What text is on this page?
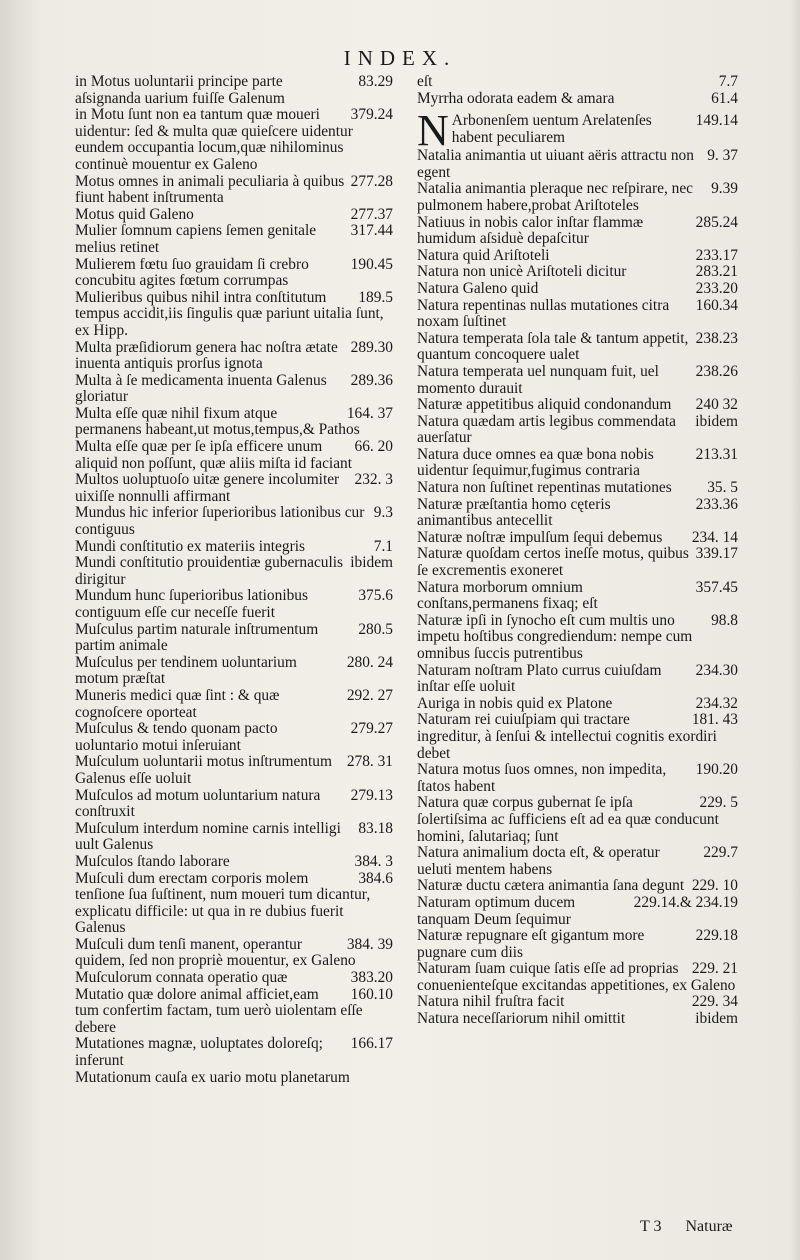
INDEX.
83.29
in Motus uoluntarii principe parte aſsignanda uarium fuiſſe Galenum
379.24
in Motu ſunt non ea tantum quæ moueri uidentur: ſed & multa quæ quieſcere uidentur eundem occupantia locum,quæ nihilominus continuè mouentur ex Galeno
277.28
Motus omnes in animali peculiaria à quibus fiunt habent inſtrumenta
277.37
Motus quid Galeno
317.44
Mulier ſomnum capiens ſemen genitale melius retinet
190.45
Mulierem fœtu ſuo grauidam ſi crebro concubitu agites fœtum corrumpas
189.5
Mulieribus quibus nihil intra conſtitutum tempus accidit,iis ſingulis quæ pariunt uitalia ſunt, ex Hipp.
289.30
Multa præſidiorum genera hac noſtra ætate inuenta antiquis prorſus ignota
289.36
Multa à ſe medicamenta inuenta Galenus gloriatur
164. 37
Multa eſſe quæ nihil fixum atque permanens habeant,ut motus,tempus,& Pathos
66. 20
Multa eſſe quæ per ſe ipſa efficere unum aliquid non poſſunt, quæ aliis miſta id faciant
232. 3
Multos uoluptuoſo uitæ genere incolumiter uixiſſe nonnulli affirmant
9.3
Mundus hic inferior ſuperioribus lationibus cur contiguus
7.1
Mundi conſtitutio ex materiis integris
ibidem
Mundi conſtitutio prouidentiæ gubernaculis dirigitur
375.6
Mundum hunc ſuperioribus lationibus contiguum eſſe cur neceſſe fuerit
280.5
Muſculus partim naturale inſtrumentum partim animale
280. 24
Muſculus per tendinem uoluntarium motum præſtat
292. 27
Muneris medici quæ ſint : & quæ cognoſcere oporteat
279.27
Muſculus & tendo quonam pacto uoluntario motui inſeruiant
278. 31
Muſculum uoluntarii motus inſtrumentum Galenus eſſe uoluit
279.13
Muſculos ad motum uoluntarium natura conſtruxit
83.18
Muſculum interdum nomine carnis intelligi uult Galenus
384. 3
Muſculos ſtando laborare
384.6
Muſculi dum erectam corporis molem tenſione ſua ſuſtinent, num moueri tum dicantur, explicatu difficile: ut qua in re dubius fuerit Galenus
384. 39
Muſculi dum tenſi manent, operantur quidem, ſed non propriè mouentur, ex Galeno
383.20
Muſculorum connata operatio quæ
160.10
Mutatio quæ dolore animal afficiet,eam tum confertim factam, tum uerò uiolentam eſſe debere
166.17
Mutationes magnæ, uoluptates doloreſq; inferunt
Mutationum cauſa ex uario motu planetarum
7.7
eſt
61.4
Myrrha odorata eadem & amara
N	149.14
Arbonenſem uentum Arelatenſes habent peculiarem
9. 37
Natalia animantia ut uiuant aëris attractu non egent
9.39
Natalia animantia pleraque nec reſpirare, nec pulmonem habere,probat Ariſtoteles
285.24
Natiuus in nobis calor inſtar flammæ humidum aſsiduè depaſcitur
233.17
Natura quid Ariſtoteli
283.21
Natura non unicè Ariſtoteli dicitur
233.20
Natura Galeno quid
160.34
Natura repentinas nullas mutationes citra noxam ſuſtinet
238.23
Natura temperata ſola tale & tantum appetit, quantum concoquere ualet
238.26
Natura temperata uel nunquam fuit, uel momento durauit
240 32
Naturæ appetitibus aliquid condonandum
ibidem
Natura quædam artis legibus commendata auerſatur
213.31
Natura duce omnes ea quæ bona nobis uidentur ſequimur,fugimus contraria
35. 5
Natura non ſuſtinet repentinas mutationes
233.36
Naturæ præſtantia homo cęteris animantibus antecellit
234. 14
Naturæ noſtræ impulſum ſequi debemus
339.17
Naturæ quoſdam certos ineſſe motus, quibus ſe excrementis exoneret
357.45
Natura morborum omnium conſtans,permanens fixaq; eſt
98.8
Naturæ ipſi in ſynocho eſt cum multis uno impetu hoſtibus congrediendum: nempe cum omnibus ſuccis putrentibus
234.30
Naturam noſtram Plato currus cuiuſdam inſtar eſſe uoluit
234.32
Auriga in nobis quid ex Platone
181. 43
Naturam rei cuiuſpiam qui tractare ingreditur, à ſenſui & intellectui cognitis exordiri debet
190.20
Natura motus ſuos omnes, non impedita, ſtatos habent
229. 5
Natura quæ corpus gubernat ſe ipſa ſolertiſsima ac ſufficiens eſt ad ea quæ conducunt homini, ſalutariaq; ſunt
229.7
Natura animalium docta eſt, & operatur ueluti mentem habens
229. 10
Naturæ ductu cætera animantia ſana degunt
229.14.& 234.19
Naturam optimum ducem tanquam Deum ſequimur
229.18
Naturæ repugnare eſt gigantum more pugnare cum diis
229. 21
Naturam ſuam cuique ſatis eſſe ad proprias conuenienteſque excitandas appetitiones, ex Galeno
229. 34
Natura nihil fruſtra facit
ibidem
Natura neceſſariorum nihil omittit
T 3 Naturæ
